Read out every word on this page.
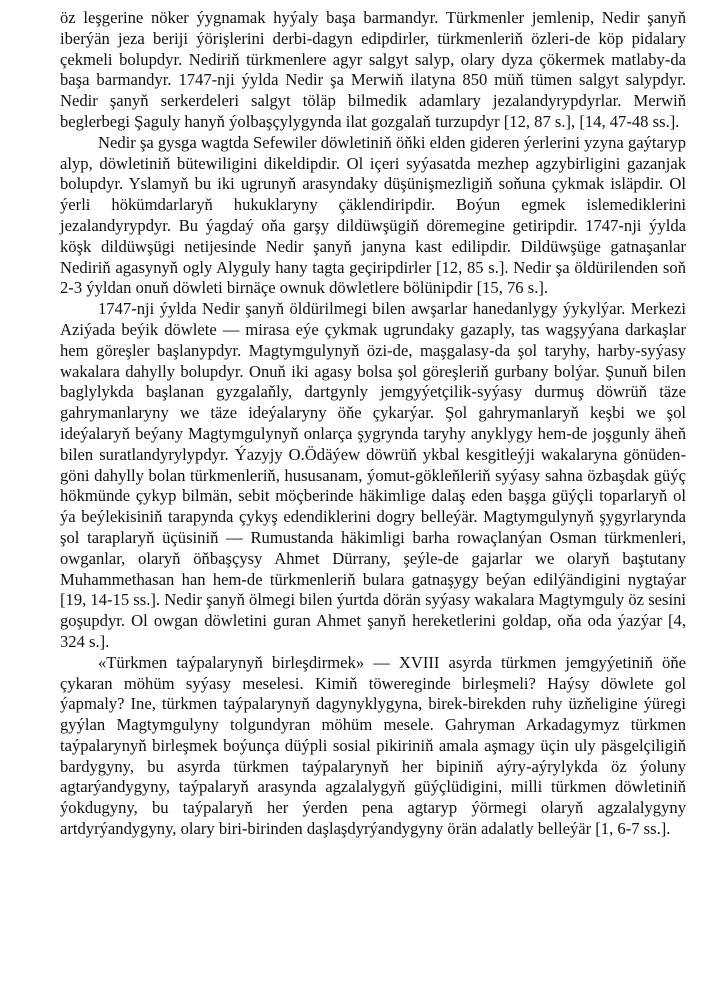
öz leşgerine nöker ýygnamak hyýaly başa barmandyr. Türkmenler jemlenip, Nedir şanyň iberýän jeza beriji ýörişlerini derbi-dagyn edipdirler, türkmenleriň özleri-de köp pidalary çekmeli bolupdyr. Nediriň türkmenlere agyr salgyt salyp, olary dyza çökermek matlaby-da başa barmandyr. 1747-nji ýylda Nedir şa Merwiň ilatyna 850 müň tümen salgyt salypdyr. Nedir şanyň serkerdeleri salgyt töläp bilmedik adamlary jezalandyrypdyrlar. Merwiň beglerbegi Şaguly hanyň ýolbaşçylygynda ilat gozgalaň turzupdyr [12, 87 s.], [14, 47-48 ss.].

Nedir şa gysga wagtda Sefewiler döwletiniň öňki elden gideren ýerlerini yzyna gaýtaryp alyp, döwletiniň bütewiligini dikeldipdir. Ol içeri syýasatda mezhep agzybirligini gazanjak bolupdyr. Yslamyň bu iki ugrunyň arasyndaky düşünişmezligiň soňuna çykmak isläpdir. Ol ýerli hökümdarlaryň hukuklaryny çäklendiripdir. Boýun egmek islemediklerini jezalandyrypdyr. Bu ýagdaý oňa garşy dildüwşügiň döremegine getiripdir. 1747-nji ýylda köşk dildüwşügi netijesinde Nedir şanyň janyna kast edilipdir. Dildüwşüge gatnaşanlar Nediriň agasynyň ogly Alyguly hany tagta geçiripdirler [12, 85 s.]. Nedir şa öldürilenden soň 2-3 ýyldan onuň döwleti birnäçe ownuk döwletlere bölünipdir [15, 76 s.].

1747-nji ýylda Nedir şanyň öldürilmegi bilen awşarlar hanedanlygy ýykylýar. Merkezi Aziýada beýik döwlete — mirasa eýe çykmak ugrundaky gazaply, tas wagşyýana darkaşlar hem göreşler başlanypdyr. Magtymgulynyň özi-de, maşgalasy-da şol taryhy, harby-syýasy wakalara dahylly bolupdyr. Onuň iki agasy bolsa şol göreşleriň gurbany bolýar. Şunuň bilen baglylykda başlanan gyzgalaňly, dartgynly jemgyýetçilik-syýasy durmuş döwrüň täze gahrymanlaryny we täze ideýalaryny öňe çykarýar. Şol gahrymanlaryň keşbi we şol ideýalaryň beýany Magtymgulynyň onlarça şygrynda taryhy anyklygy hem-de joşgunly äheň bilen suratlandyrylypdyr. Ýazyjy O.Ödäýew döwrüň ykbal kesgitleýji wakalaryna gönüden-göni dahylly bolan türkmenleriň, hususanam, ýomut-gökleňleriň syýasy sahna özbaşdak güýç hökmünde çykyp bilmän, sebit möçberinde häkimlige dalaş eden başga güýçli toparlaryň ol ýa beýlekisiniň tarapynda çykyş edendiklerini dogry belleýär. Magtymgulynyň şygyrlarynda şol taraplaryň üçüsiniň — Rumustanda häkimligi barha rowaçlanýan Osman türkmenleri, owganlar, olaryň öňbaşçysy Ahmet Dürrany, şeýle-de gajarlar we olaryň baştutany Muhammethasan han hem-de türkmenleriň bulara gatnaşygy beýan edilýändigini nygtaýar [19, 14-15 ss.]. Nedir şanyň ölmegi bilen ýurtda dörän syýasy wakalara Magtymguly öz sesini goşupdyr. Ol owgan döwletini guran Ahmet şanyň hereketlerini goldap, oňa oda ýazýar [4, 324 s.].

«Türkmen taýpalarynyň birleşdirmek» — XVIII asyrda türkmen jemgyýetiniň öňe çykaran möhüm syýasy meselesi. Kimiň töwereginde birleşmeli? Haýsy döwlete gol ýapmaly? Ine, türkmen taýpalarynyň dagynyklygyna, birek-birekden ruhy üzňeligine ýüregi gyýlan Magtymgulyny tolgundyran möhüm mesele. Gahryman Arkadagymyz türkmen taýpalarynyň birleşmek boýunça düýpli sosial pikiriniň amala aşmagy üçin uly päsgelçiligiň bardygyny, bu asyrda türkmen taýpalarynyň her bірiniň aýry-aýrylykda öz ýoluny agtarýandygyny, taýpalaryň arasynda agzalalygyň güýçlüdigini, milli türkmen döwletiniň ýokdugyny, bu taýpalaryň her ýerden pena agtaryp ýörmegi olaryň agzalalygyny artdyrýandygyny, olary biri-birinden daşlaşdyrýandygyny örän adalatly belleýär [1, 6-7 ss.].
